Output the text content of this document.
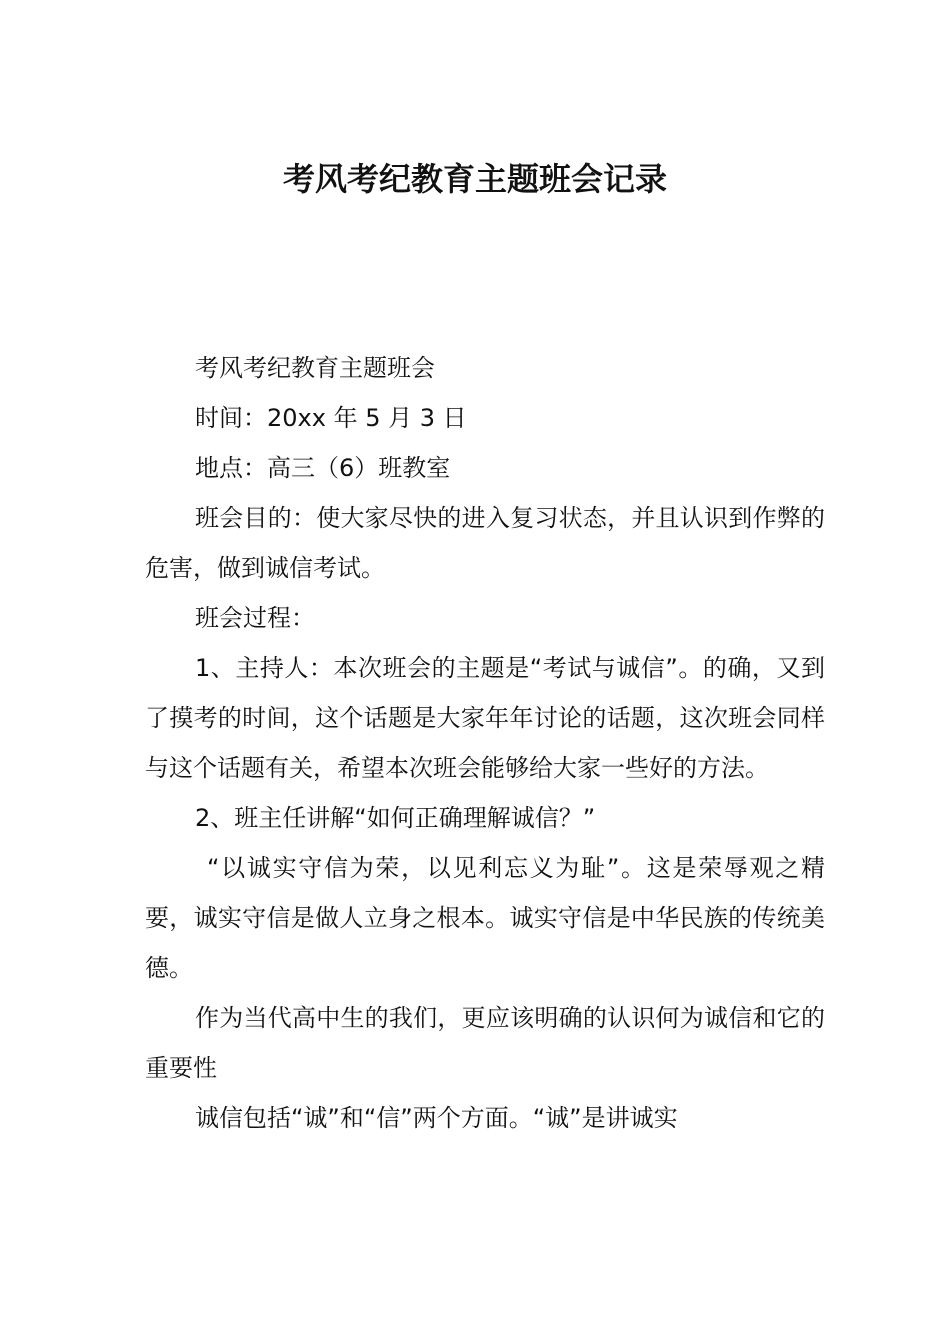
考风考纪教育主题班会记录

考风考纪教育主题班会

时间：20xx 年 5 月 3 日

地点：高三（6）班教室

班会目的：使大家尽快的进入复习状态，并且认识到作弊的危害，做到诚信考试。

班会过程：

1、主持人：本次班会的主题是“考试与诚信”。的确，又到了摸考的时间，这个话题是大家年年讨论的话题，这次班会同样与这个话题有关，希望本次班会能够给大家一些好的方法。

2、班主任讲解“如何正确理解诚信？”

“以诚实守信为荣，以见利忘义为耻”。这是荣辱观之精要，诚实守信是做人立身之根本。诚实守信是中华民族的传统美德。

作为当代高中生的我们，更应该明确的认识何为诚信和它的重要性

诚信包括“诚”和“信”两个方面。“诚”是讲诚实
